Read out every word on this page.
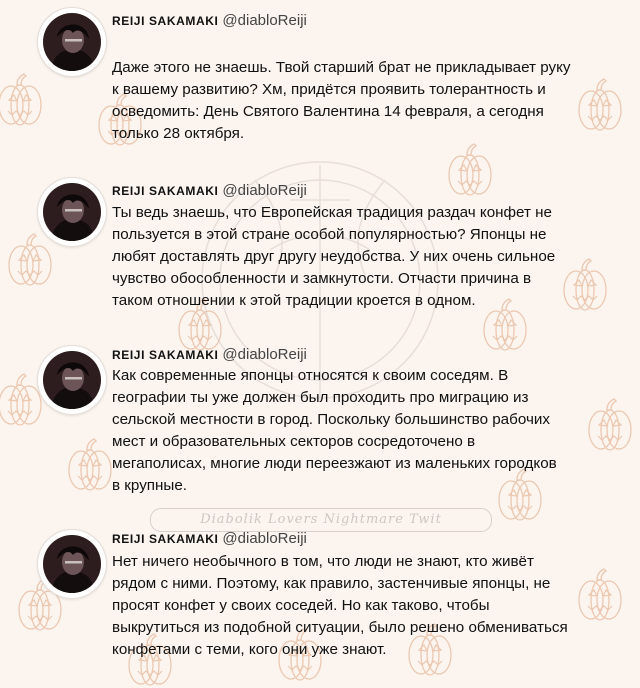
REIJI SAKAMAKI @diabloReiji
Даже этого не знаешь. Твой старший брат не прикладывает руку
к вашему развитию? Хм, придётся проявить толерантность и
осведомить: День Святого Валентина 14 февраля, а сегодня
только 28 октября.
REIJI SAKAMAKI @diabloReiji
Ты ведь знаешь, что Европейская традиция раздач конфет не
пользуется в этой стране особой популярностью? Японцы не
любят доставлять друг другу неудобства. У них очень сильное
чувство обособленности и замкнутости. Отчасти причина в
таком отношении к этой традиции кроется в одном.
REIJI SAKAMAKI @diabloReiji
Как современные японцы относятся к своим соседям. В
географии ты уже должен был проходить про миграцию из
сельской местности в город. Поскольку большинство рабочих
мест и образовательных секторов сосредоточено в
мегаполисах, многие люди переезжают из маленьких городков
в крупные.
Diabolik Lovers Nightmare Twit
REIJI SAKAMAKI @diabloReiji
Нет ничего необычного в том, что люди не знают, кто живёт
рядом с ними. Поэтому, как правило, застенчивые японцы, не
просят конфет у своих соседей. Но как таково, чтобы
выкрутиться из подобной ситуации, было решено обмениваться
конфетами с теми, кого они уже знают.
